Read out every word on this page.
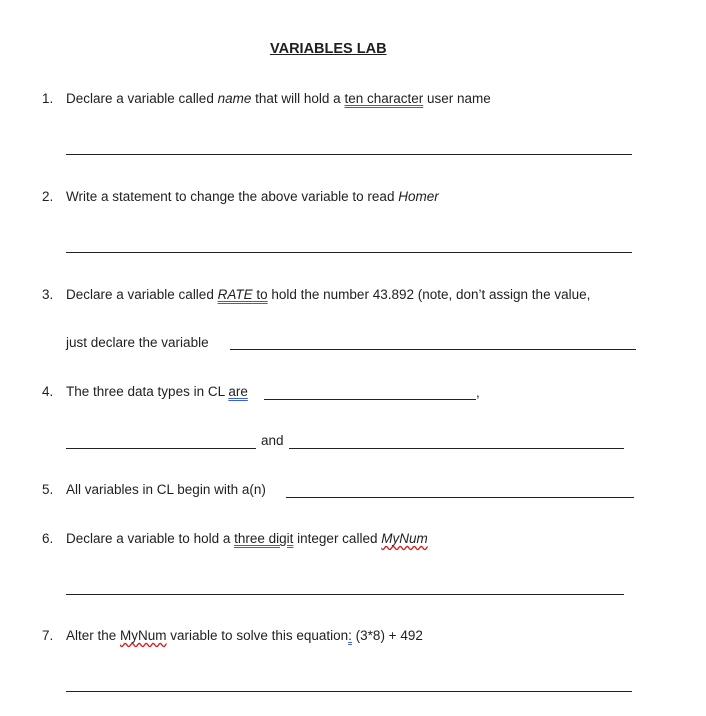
VARIABLES LAB
1. Declare a variable called name that will hold a ten character user name
2. Write a statement to change the above variable to read Homer
3. Declare a variable called RATE to hold the number 43.892 (note, don’t assign the value,
just declare the variable
4. The three data types in CL are	,
and
5. All variables in CL begin with a(n)
6. Declare a variable to hold a three digit integer called MyNum
7. Alter the MyNum variable to solve this equation: (3*8) + 492
